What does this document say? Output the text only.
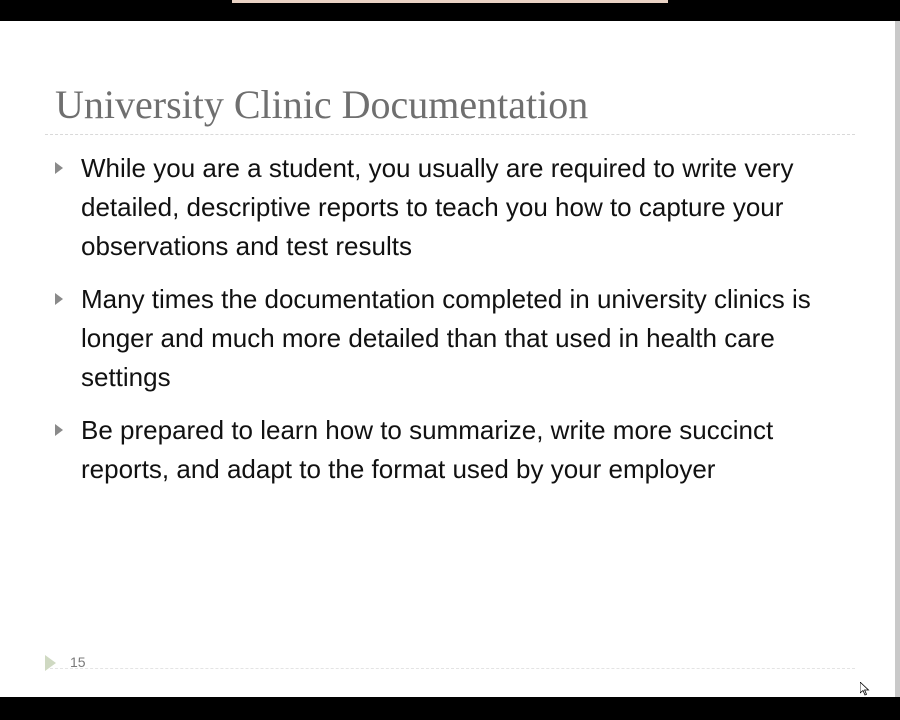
University Clinic Documentation
While you are a student, you usually are required to write very detailed, descriptive reports to teach you how to capture your observations and test results
Many times the documentation completed in university clinics is longer and much more detailed than that used in health care settings
Be prepared to learn how to summarize, write more succinct reports, and adapt to the format used by your employer
15
